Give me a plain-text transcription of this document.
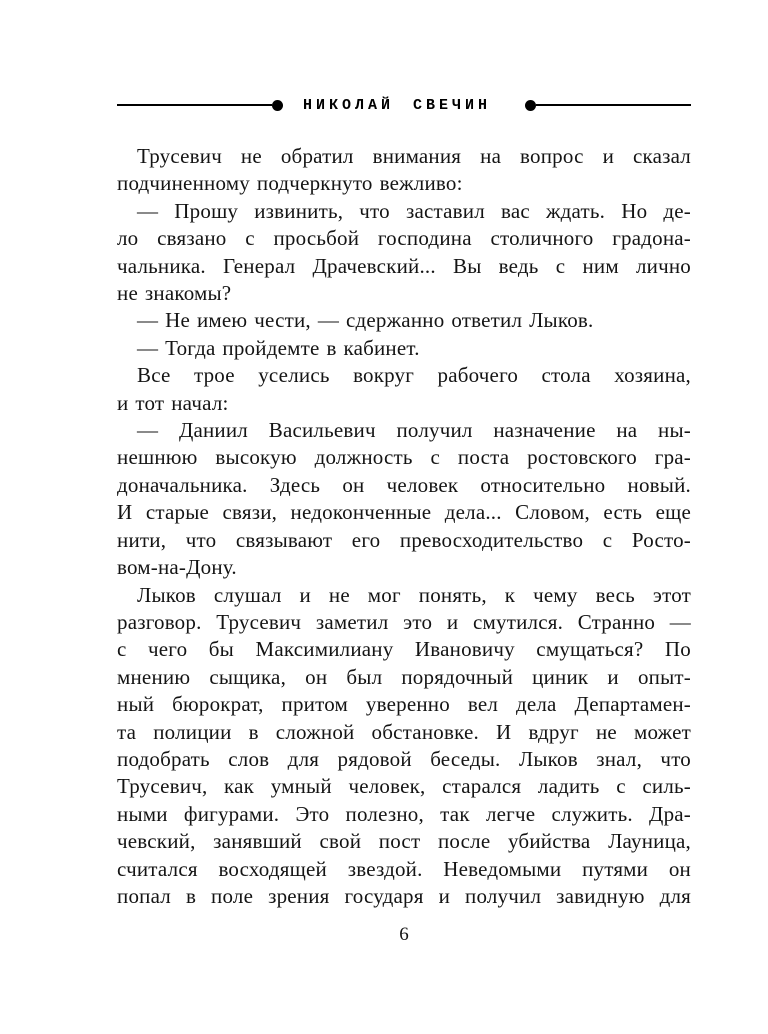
НИКОЛАЙ СВЕЧИН
Трусевич не обратил внимания на вопрос и сказал
подчиненному подчеркнуто вежливо:
— Прошу извинить, что заставил вас ждать. Но де-
ло связано с просьбой господина столичного градона-
чальника. Генерал Драчевский... Вы ведь с ним лично
не знакомы?
— Не имею чести, — сдержанно ответил Лыков.
— Тогда пройдемте в кабинет.
Все трое уселись вокруг рабочего стола хозяина,
и тот начал:
— Даниил Васильевич получил назначение на ны-
нешнюю высокую должность с поста ростовского гра-
доначальника. Здесь он человек относительно новый.
И старые связи, недоконченные дела... Словом, есть еще
нити, что связывают его превосходительство с Росто-
вом-на-Дону.
Лыков слушал и не мог понять, к чему весь этот
разговор. Трусевич заметил это и смутился. Странно —
с чего бы Максимилиану Ивановичу смущаться? По
мнению сыщика, он был порядочный циник и опыт-
ный бюрократ, притом уверенно вел дела Департамен-
та полиции в сложной обстановке. И вдруг не может
подобрать слов для рядовой беседы. Лыков знал, что
Трусевич, как умный человек, старался ладить с силь-
ными фигурами. Это полезно, так легче служить. Дра-
чевский, занявший свой пост после убийства Лауница,
считался восходящей звездой. Неведомыми путями он
попал в поле зрения государя и получил завидную для
6
